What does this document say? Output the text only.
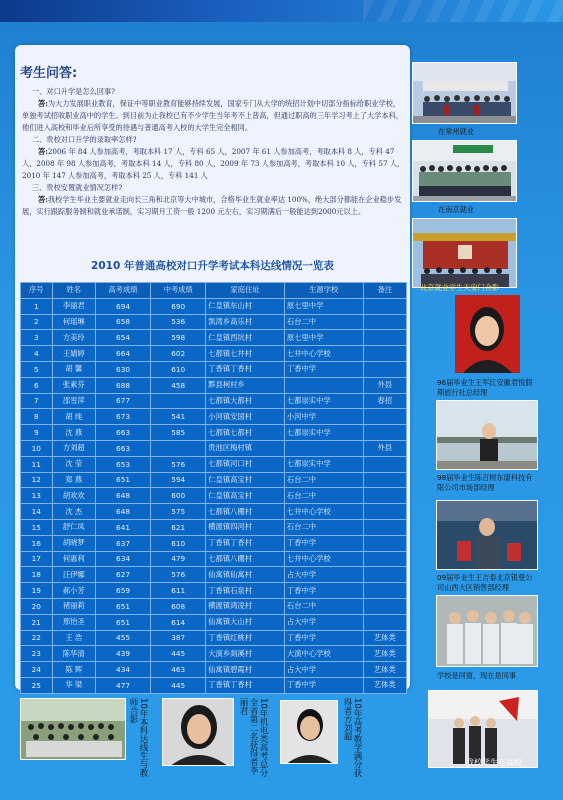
考生问答:

一、对口升学是怎么回事?

答:为大力发展职业教育，保证中等职业教育能够持续发展，国家专门从大学的统招计划中切部分指标给职业学校，单独考试招收职业高中的学生。到目前为止我校已有不少学生当年考不上普高，但通过职高的三年学习考上了大学本科，他们进入高校和毕业后所享受的待遇与普通高考入校的大学生完全相同。

二、贵校对口升学的录取率怎样?

答:2006 年 84 人参加高考，考取本科 17 人，专科 65 人，2007 年 61 人参加高考，考取本科 8 人，专科 47 人，2008 年 98 人参加高考，考取本科 14 人，专科 80 人，2009 年 73 人参加高考，考取本科 10 人，专科 57 人，2010 年 147 人参加高考，考取本科 25 人，专科 141 人

三、贵校安置就业情况怎样?

答:我校学生毕业主要就业走向长三角和北京等大中城市，合格毕业生就业率达 100%，绝大部分都能在企业稳步发展，实行跟踪服务制和就业承诺制，实习期月工资一般 1200 元左右，实习期满后一般能达到2000元以上。

2010 年普通高校对口升学考试本科达线情况一览表
序号	姓名	高考成绩	中考成绩	家庭住址	生源学校	备注
1	李丽君	694	690	仁皇镇东山村	原七里中学	
2	何瑶琳	658	536	凯湾乡高乐村	石台二中	
3	方美玲	654	598	仁皇镇西坑村	原七里中学	
4	王婧婷	664	602	七都镇七井村	七井中心学校	
5	胡 馨	630	610	丁香镇丁香村	丁香中学	
6	张素芬	688	458	黟县柯村乡		外县
7	邵雪萍	677		七都镇大都村	七都崇实中学	春招
8	胡 纯	673	541	小河镇安国村	小河中学	
9	沈 燕	663	585	七都镇七都村	七都崇实中学	
10	方刘超	663		贵池区梅村镇		外县
11	沈 莹	653	576	七都镇河口村	七都崇实中学	
12	郑 燕	651	594	仁皇镇高宝村	石台二中	
13	胡欢欢	648	600	仁皇镇高宝村	石台二中	
14	沈 杰	648	575	七都镇八棚村	七井中心学校	
15	舒仁凤	641	621	横渡镇四河村	石台二中	
16	胡晓梦	637	610	丁香镇丁香村	丁香中学	
17	何惠利	634	479	七都镇八棚村	七井中心学校	
18	汪伊娜	627	576	仙寓镇仙寓村	占大中学	
19	郝小芳	659	611	丁香镇石泉村	丁香中学	
20	褚丽莉	651	608	横渡镇鸿凌村	石台二中	
21	邢怡圣	651	614	仙寓镇大山村	占大中学	
22	王 浩	455	387	丁香镇红桃村	丁香中学	艺体类
23	陈华清	439	445	大演乡剡溪村	大演中心学校	艺体类
24	陈 辉	434	463	仙寓镇碧霞村	占大中学	艺体类
25	华 梁	477	445	丁香镇丁香村	丁香中学	艺体类
在常州就业
在南京就业
北京就业学生天安门合影
96届毕业生王军红安徽君悦假期旅行社总经理
98届毕业生陈召树东康科技有限公司市场部经理
09届毕业生王吉泰北京银曼公司山西大区销售部经理
学校是同窗，现在是同事
10年本科达线生与教师合影	10年机电类高考总分全省第二名获得者李丽君	10年高考数学满分获得者方刘超
我校学生在高校
